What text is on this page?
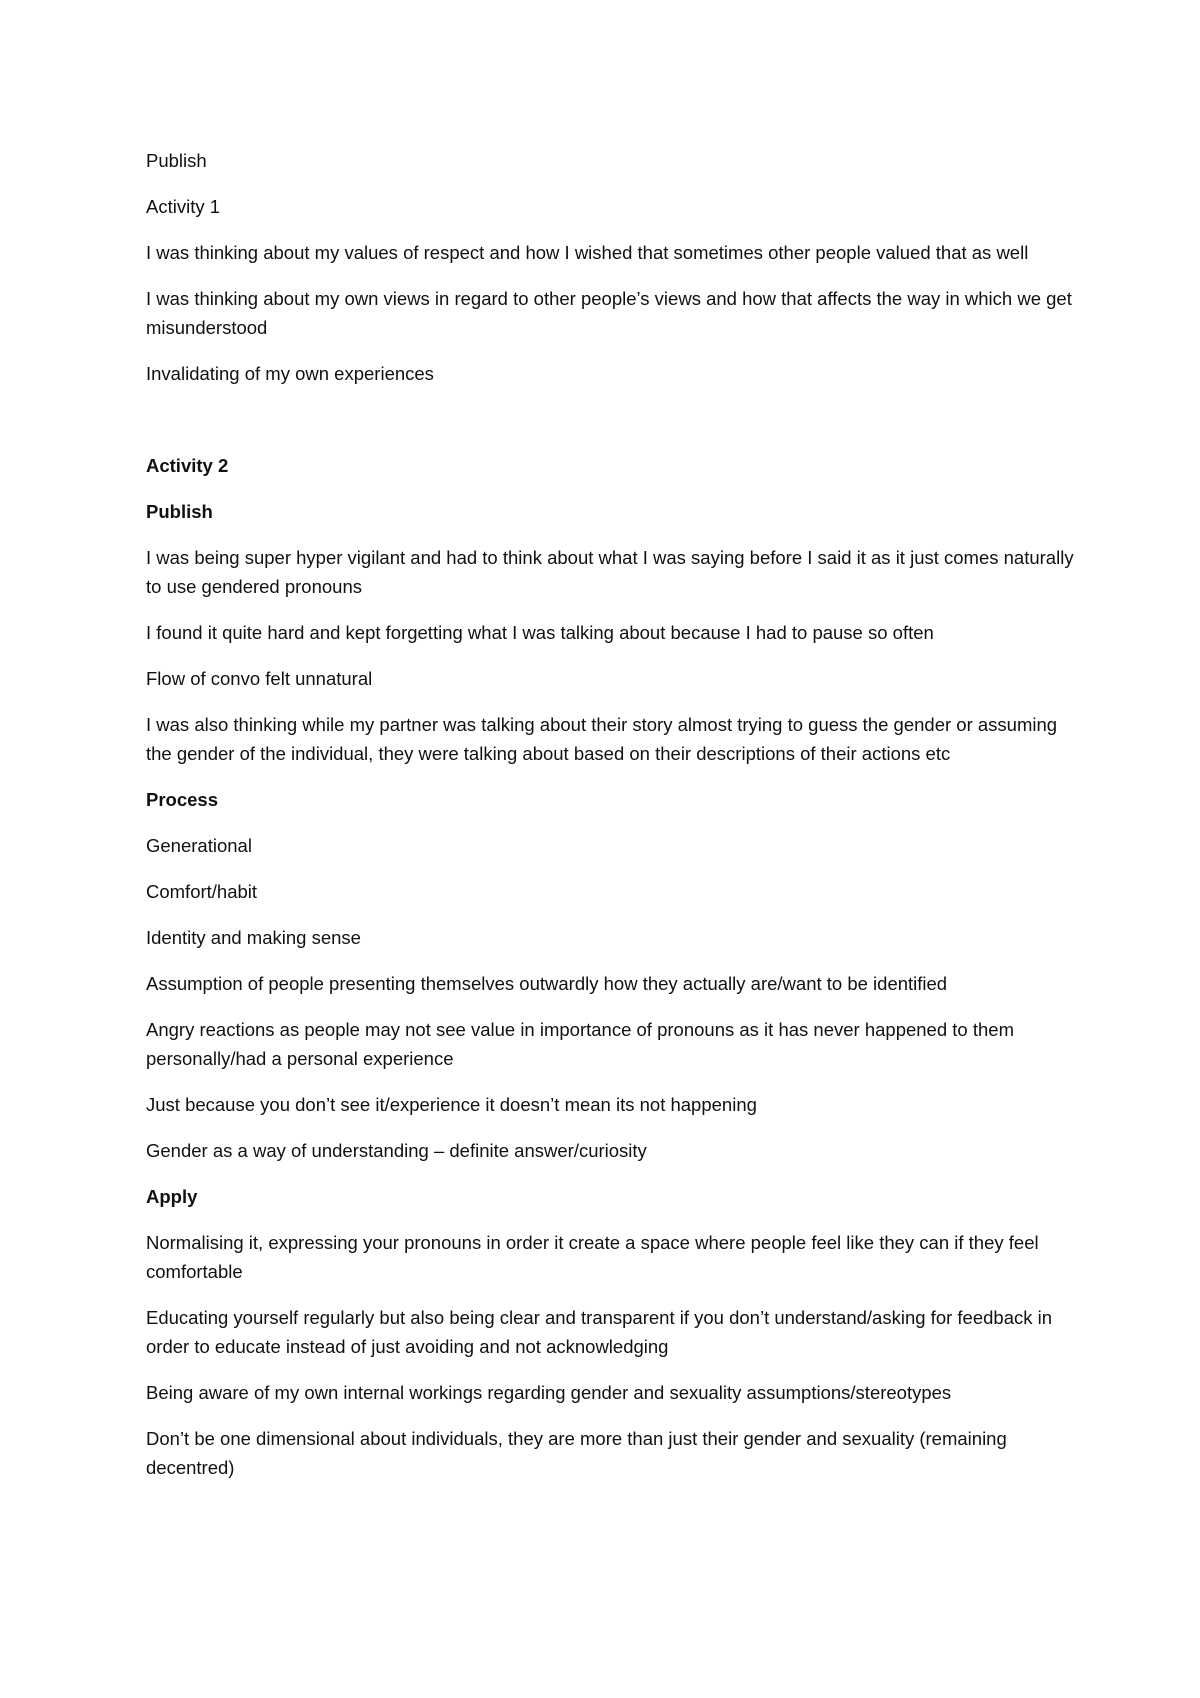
Publish

Activity 1

I was thinking about my values of respect and how I wished that sometimes other people valued that as well

I was thinking about my own views in regard to other people’s views and how that affects the way in which we get misunderstood

Invalidating of my own experiences

Activity 2

Publish

I was being super hyper vigilant and had to think about what I was saying before I said it as it just comes naturally to use gendered pronouns

I found it quite hard and kept forgetting what I was talking about because I had to pause so often

Flow of convo felt unnatural

I was also thinking while my partner was talking about their story almost trying to guess the gender or assuming the gender of the individual, they were talking about based on their descriptions of their actions etc

Process

Generational

Comfort/habit

Identity and making sense

Assumption of people presenting themselves outwardly how they actually are/want to be identified

Angry reactions as people may not see value in importance of pronouns as it has never happened to them personally/had a personal experience

Just because you don’t see it/experience it doesn’t mean its not happening

Gender as a way of understanding – definite answer/curiosity

Apply

Normalising it, expressing your pronouns in order it create a space where people feel like they can if they feel comfortable

Educating yourself regularly but also being clear and transparent if you don’t understand/asking for feedback in order to educate instead of just avoiding and not acknowledging

Being aware of my own internal workings regarding gender and sexuality assumptions/stereotypes

Don’t be one dimensional about individuals, they are more than just their gender and sexuality (remaining decentred)
